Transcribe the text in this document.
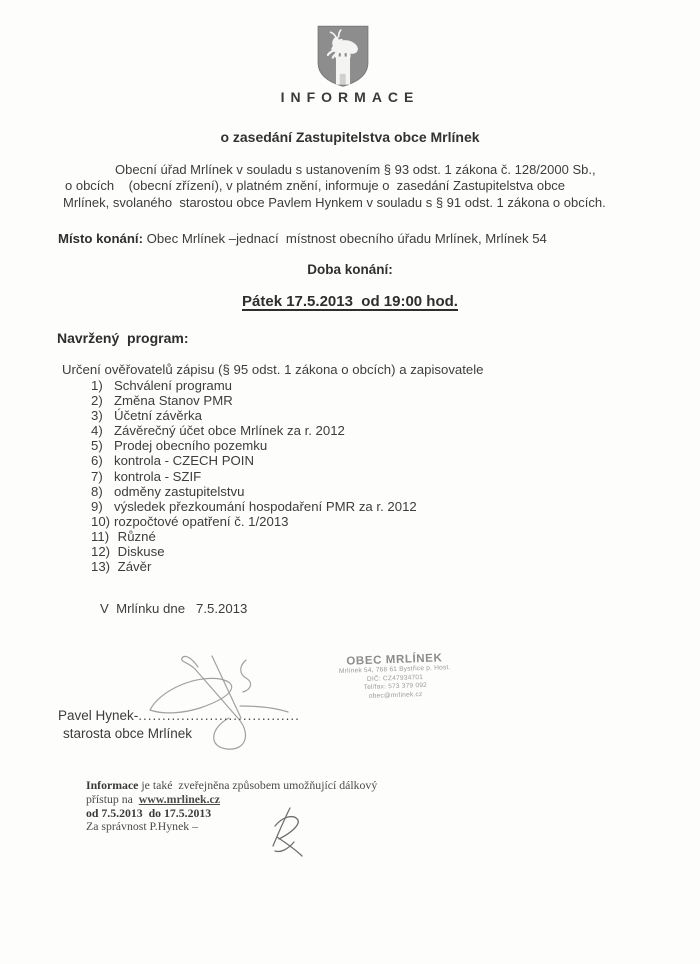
INFORMACE
o zasedání Zastupitelstva obce Mrlínek
Obecní úřad Mrlínek v souladu s ustanovením § 93 odst. 1 zákona č. 128/2000 Sb.,
o obcích    (obecní zřízení), v platném znění, informuje o  zasedání Zastupitelstva obce
Mrlínek, svolaného  starostou obce Pavlem Hynkem v souladu s § 91 odst. 1 zákona o obcích.
Místo konání: Obec Mrlínek –jednací  místnost obecního úřadu Mrlínek, Mrlínek 54
Doba konání:
Pátek 17.5.2013  od 19:00 hod.
Navržený  program:
Určení ověřovatelů zápisu (§ 95 odst. 1 zákona o obcích) a zapisovatele
1) Schválení programu
2) Změna Stanov PMR
3) Účetní závěrka
4) Závěrečný účet obce Mrlínek za r. 2012
5) Prodej obecního pozemku
6) kontrola - CZECH POIN
7) kontrola - SZIF
8) odměny zastupitelstvu
9) výsledek přezkoumání hospodaření PMR za r. 2012
10) rozpočtové opatření č. 1/2013
11) Různé
12) Diskuse
13) Závěr
V  Mrlínku dne   7.5.2013
OBEC MRLÍNEK
Mrlínek 54, 768 61 Bystřice p. Host.
DIČ: CZ47934701
Tel/fax: 573 379 092
obec@mrlinek.cz
Pavel Hynek-..................................
starosta obce Mrlínek
Informace je také  zveřejněna způsobem umožňující dálkový
přístup na  www.mrlinek.cz
od 7.5.2013  do 17.5.2013
Za správnost P.Hynek –
